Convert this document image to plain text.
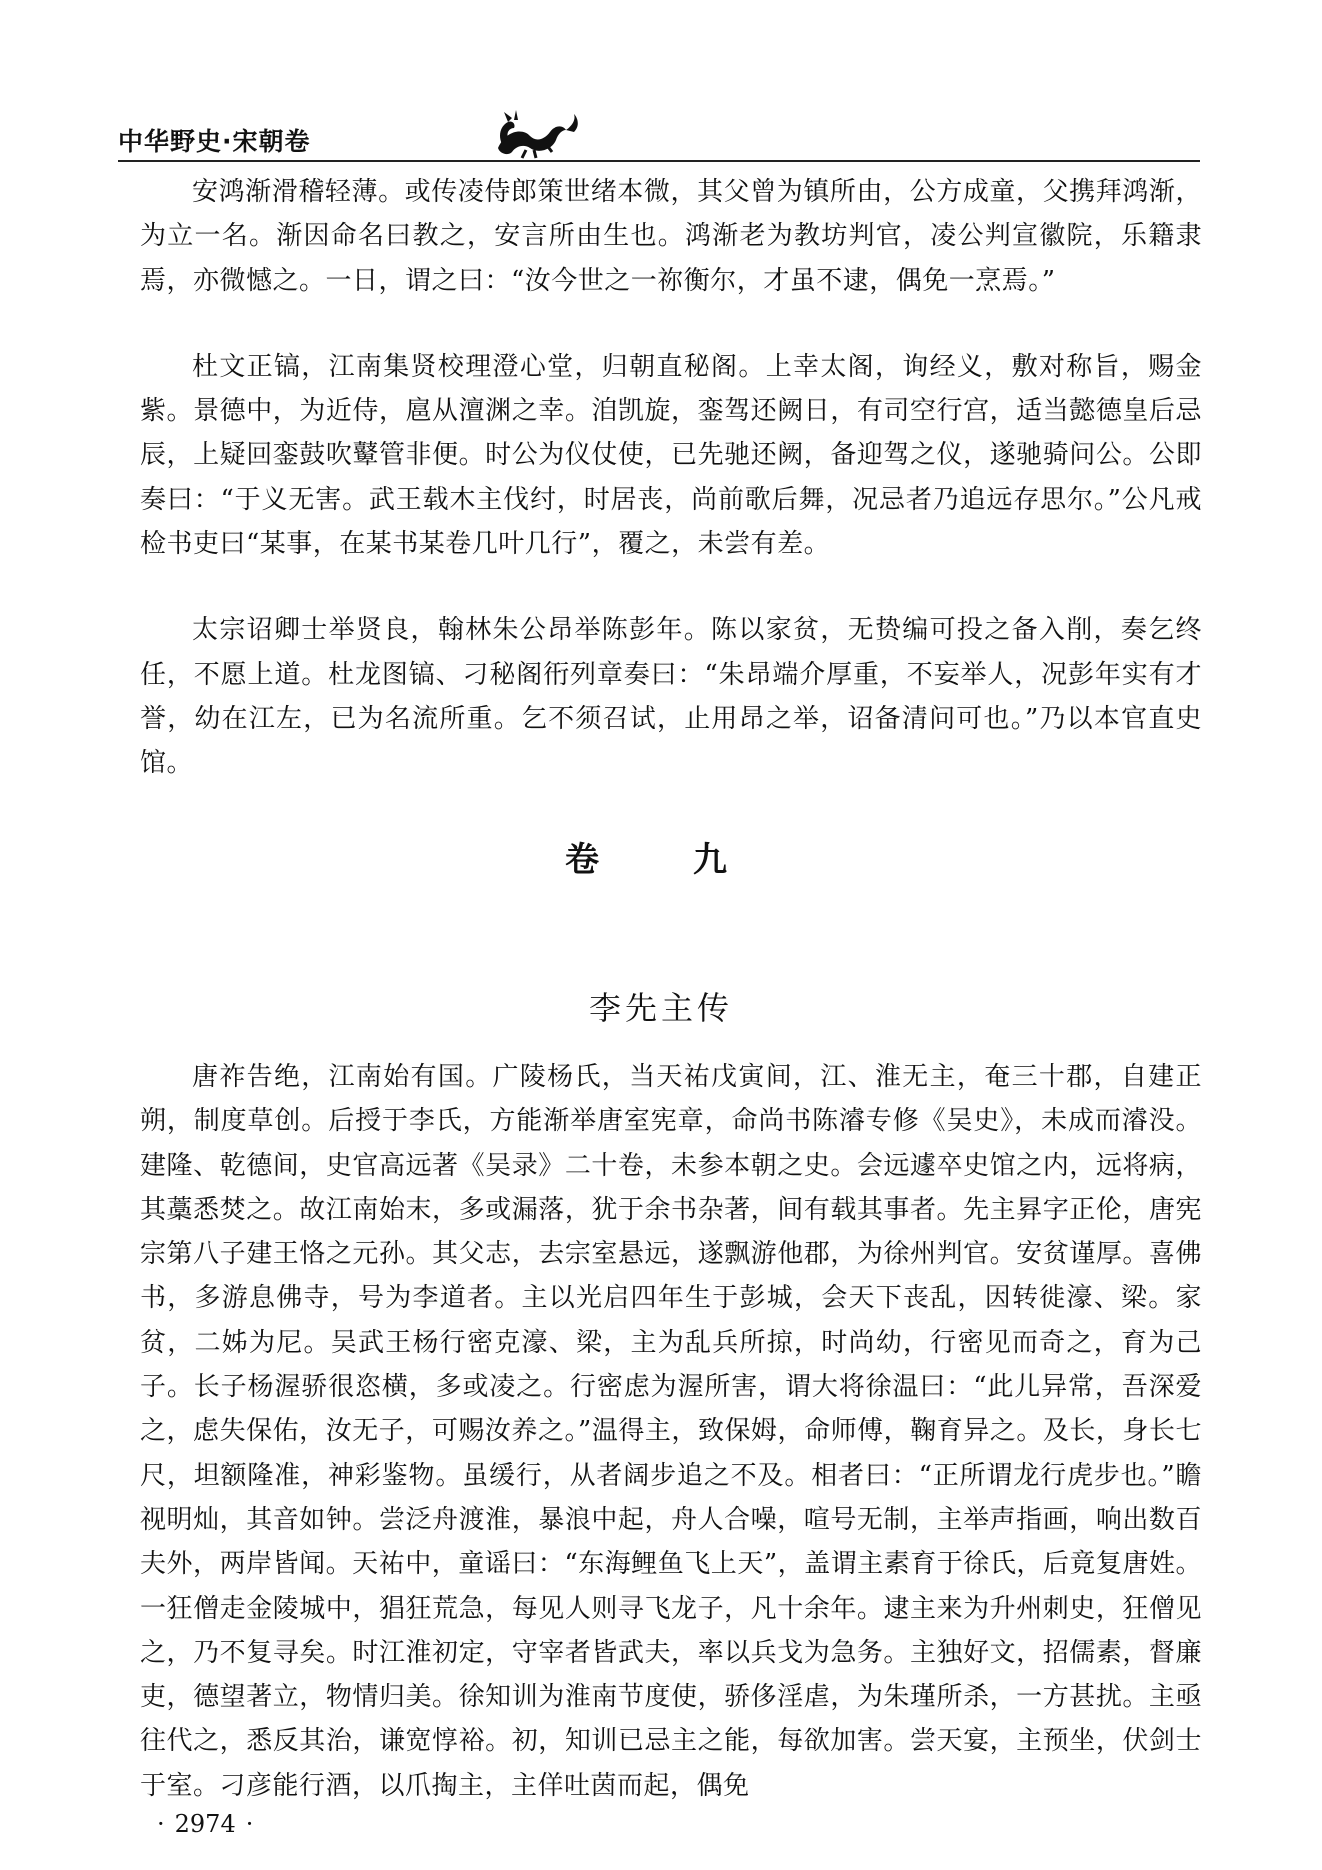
中华野史·宋朝卷

安鸿渐滑稽轻薄。或传凌侍郎策世绪本微，其父曾为镇所由，公方成童，父携拜鸿渐，为立一名。渐因命名曰教之，安言所由生也。鸿渐老为教坊判官，凌公判宣徽院，乐籍隶焉，亦微憾之。一日，谓之曰：“汝今世之一祢衡尔，才虽不逮，偶免一烹焉。”

杜文正镐，江南集贤校理澄心堂，归朝直秘阁。上幸太阁，询经义，敷对称旨，赐金紫。景德中，为近侍，扈从澶渊之幸。洎凯旋，銮驾还阙日，有司空行宫，适当懿德皇后忌辰，上疑回銮鼓吹鼙管非便。时公为仪仗使，已先驰还阙，备迎驾之仪，遂驰骑问公。公即奏曰：“于义无害。武王载木主伐纣，时居丧，尚前歌后舞，况忌者乃追远存思尔。”公凡戒检书吏曰“某事，在某书某卷几叶几行”，覆之，未尝有差。

太宗诏卿士举贤良，翰林朱公昂举陈彭年。陈以家贫，无贽编可投之备入削，奏乞终任，不愿上道。杜龙图镐、刁秘阁衎列章奏曰：“朱昂端介厚重，不妄举人，况彭年实有才誉，幼在江左，已为名流所重。乞不须召试，止用昂之举，诏备清问可也。”乃以本官直史馆。

卷　九
李先主传

唐祚告绝，江南始有国。广陵杨氏，当天祐戊寅间，江、淮无主，奄三十郡，自建正朔，制度草创。后授于李氏，方能渐举唐室宪章，命尚书陈濬专修《吴史》，未成而濬没。建隆、乾德间，史官高远著《吴录》二十卷，未参本朝之史。会远遽卒史馆之内，远将病，其藁悉焚之。故江南始末，多或漏落，犹于余书杂著，间有载其事者。先主昪字正伦，唐宪宗第八子建王恪之元孙。其父志，去宗室悬远，遂飘游他郡，为徐州判官。安贫谨厚。喜佛书，多游息佛寺，号为李道者。主以光启四年生于彭城，会天下丧乱，因转徙濠、梁。家贫，二姊为尼。吴武王杨行密克濠、梁，主为乱兵所掠，时尚幼，行密见而奇之，育为己子。长子杨渥骄很恣横，多或凌之。行密虑为渥所害，谓大将徐温曰：“此儿异常，吾深爱之，虑失保佑，汝无子，可赐汝养之。”温得主，致保姆，命师傅，鞠育异之。及长，身长七尺，坦额隆准，神彩鉴物。虽缓行，从者阔步追之不及。相者曰：“正所谓龙行虎步也。”瞻视明灿，其音如钟。尝泛舟渡淮，暴浪中起，舟人合噪，喧号无制，主举声指画，响出数百夫外，两岸皆闻。天祐中，童谣曰：“东海鲤鱼飞上天”，盖谓主素育于徐氏，后竟复唐姓。一狂僧走金陵城中，猖狂荒急，每见人则寻飞龙子，凡十余年。逮主来为升州刺史，狂僧见之，乃不复寻矣。时江淮初定，守宰者皆武夫，率以兵戈为急务。主独好文，招儒素，督廉吏，德望著立，物情归美。徐知训为淮南节度使，骄侈淫虐，为朱瑾所杀，一方甚扰。主亟往代之，悉反其治，谦宽惇裕。初，知训已忌主之能，每欲加害。尝天宴，主预坐，伏剑士于室。刁彦能行酒，以爪掏主，主佯吐茵而起，偶免

· 2974 ·
